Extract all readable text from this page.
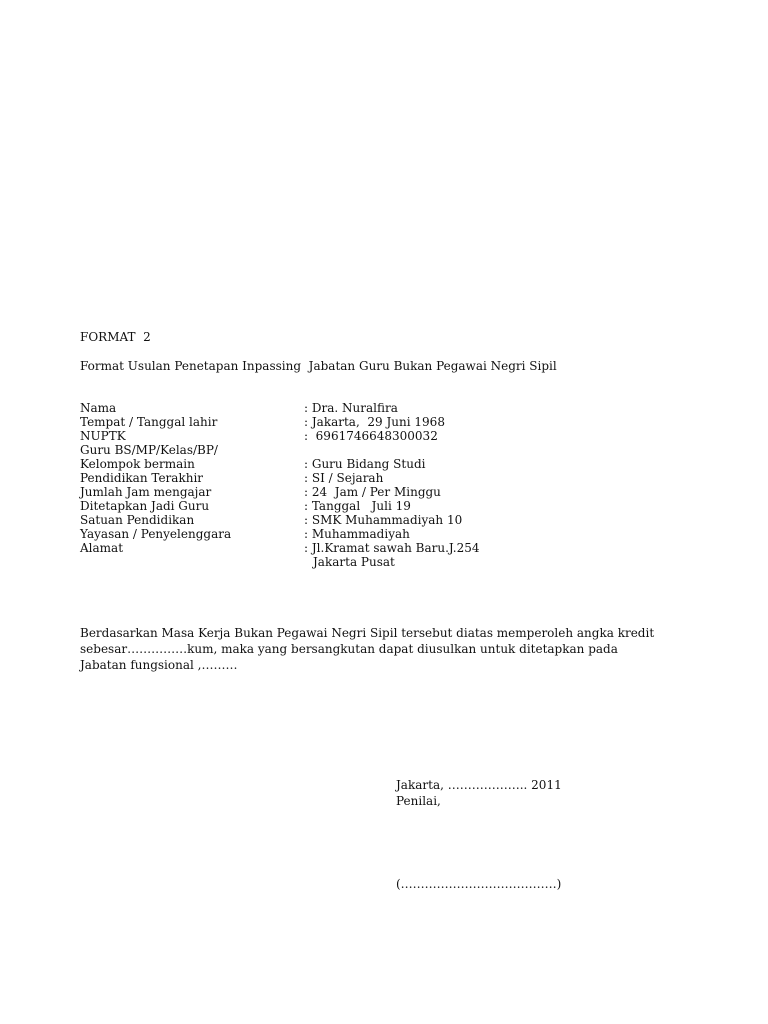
FORMAT  2
Format Usulan Penetapan Inpassing  Jabatan Guru Bukan Pegawai Negri Sipil
Nama	: Dra. Nuralfira
Tempat / Tanggal lahir	: Jakarta,  29 Juni 1968
NUPTK	:  6961746648300032
Guru BS/MP/Kelas/BP/
Kelompok bermain	: Guru Bidang Studi
Pendidikan Terakhir	: SI / Sejarah
Jumlah Jam mengajar	: 24  Jam / Per Minggu
Ditetapkan Jadi Guru	: Tanggal   Juli 19
Satuan Pendidikan	: SMK Muhammadiyah 10
Yayasan / Penyelenggara	: Muhammadiyah
Alamat	: Jl.Kramat sawah Baru.J.254
Jakarta Pusat
Berdasarkan Masa Kerja Bukan Pegawai Negri Sipil tersebut diatas memperoleh angka kredit
sebesar……………kum, maka yang bersangkutan dapat diusulkan untuk ditetapkan pada
Jabatan fungsional ,………
Jakarta, ……………….. 2011
Penilai,
(…………………………………)
